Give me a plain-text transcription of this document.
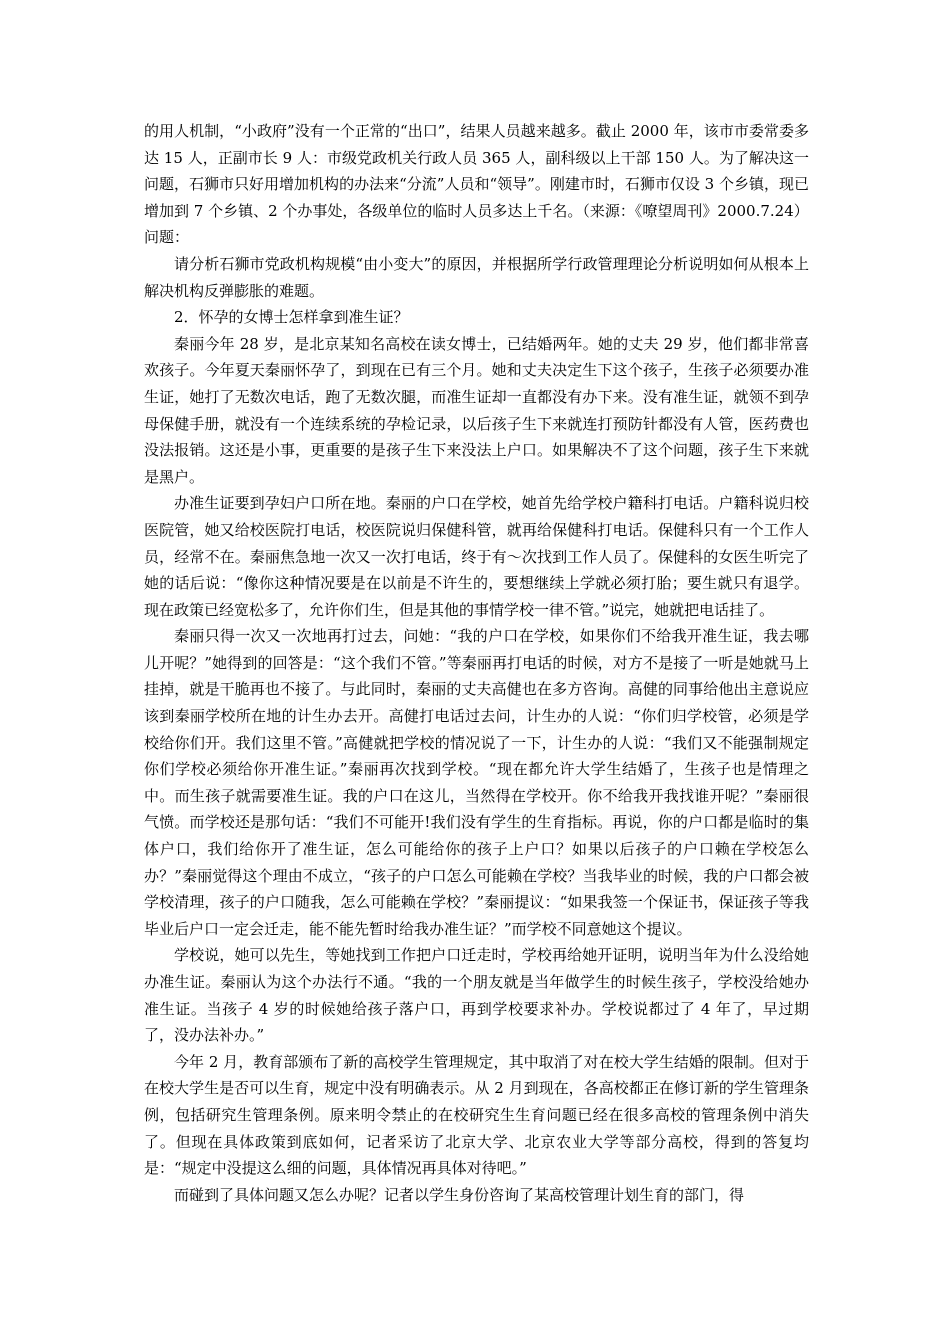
的用人机制，“小政府”没有一个正常的“出口”，结果人员越来越多。截止 2000 年，该市市委常委多达 15 人，正副市长 9 人：市级党政机关行政人员 365 人，副科级以上干部 150 人。为了解决这一问题，石狮市只好用增加机构的办法来“分流”人员和“领导”。刚建市时，石狮市仅设 3 个乡镇，现已增加到 7 个乡镇、2 个办事处，各级单位的临时人员多达上千名。（来源：《嘹望周刊》2000.7.24）

问题：

请分析石狮市党政机构规模“由小变大”的原因，并根据所学行政管理理论分析说明如何从根本上解决机构反弹膨胀的难题。

2．怀孕的女博士怎样拿到准生证？

秦丽今年 28 岁，是北京某知名高校在读女博士，已结婚两年。她的丈夫 29 岁，他们都非常喜欢孩子。今年夏天秦丽怀孕了，到现在已有三个月。她和丈夫决定生下这个孩子，生孩子必须要办准生证，她打了无数次电话，跑了无数次腿，而准生证却一直都没有办下来。没有准生证，就领不到孕母保健手册，就没有一个连续系统的孕检记录，以后孩子生下来就连打预防针都没有人管，医药费也没法报销。这还是小事，更重要的是孩子生下来没法上户口。如果解决不了这个问题，孩子生下来就是黑户。

办准生证要到孕妇户口所在地。秦丽的户口在学校，她首先给学校户籍科打电话。户籍科说归校医院管，她又给校医院打电话，校医院说归保健科管，就再给保健科打电话。保健科只有一个工作人员，经常不在。秦丽焦急地一次又一次打电话，终于有～次找到工作人员了。保健科的女医生听完了她的话后说：“像你这种情况要是在以前是不许生的，要想继续上学就必须打胎；要生就只有退学。现在政策已经宽松多了，允许你们生，但是其他的事情学校一律不管。”说完，她就把电话挂了。

秦丽只得一次又一次地再打过去，问她：“我的户口在学校，如果你们不给我开准生证，我去哪儿开呢？”她得到的回答是：“这个我们不管。”等秦丽再打电话的时候，对方不是接了一听是她就马上挂掉，就是干脆再也不接了。与此同时，秦丽的丈夫高健也在多方咨询。高健的同事给他出主意说应该到秦丽学校所在地的计生办去开。高健打电话过去问，计生办的人说：“你们归学校管，必须是学校给你们开。我们这里不管。”高健就把学校的情况说了一下，计生办的人说：“我们又不能强制规定你们学校必须给你开准生证。”秦丽再次找到学校。“现在都允许大学生结婚了，生孩子也是情理之中。而生孩子就需要准生证。我的户口在这儿，当然得在学校开。你不给我开我找谁开呢？”秦丽很气愤。而学校还是那句话：“我们不可能开!我们没有学生的生育指标。再说，你的户口都是临时的集体户口，我们给你开了准生证，怎么可能给你的孩子上户口？如果以后孩子的户口赖在学校怎么办？”秦丽觉得这个理由不成立，“孩子的户口怎么可能赖在学校？当我毕业的时候，我的户口都会被学校清理，孩子的户口随我，怎么可能赖在学校？”秦丽提议：“如果我签一个保证书，保证孩子等我毕业后户口一定会迁走，能不能先暂时给我办准生证？”而学校不同意她这个提议。

学校说，她可以先生，等她找到工作把户口迁走时，学校再给她开证明，说明当年为什么没给她办准生证。秦丽认为这个办法行不通。“我的一个朋友就是当年做学生的时候生孩子，学校没给她办准生证。当孩子 4 岁的时候她给孩子落户口，再到学校要求补办。学校说都过了 4 年了，早过期了，没办法补办。”

今年 2 月，教育部颁布了新的高校学生管理规定，其中取消了对在校大学生结婚的限制。但对于在校大学生是否可以生育，规定中没有明确表示。从 2 月到现在，各高校都正在修订新的学生管理条例，包括研究生管理条例。原来明令禁止的在校研究生生育问题已经在很多高校的管理条例中消失了。但现在具体政策到底如何，记者采访了北京大学、北京农业大学等部分高校，得到的答复均是：“规定中没提这么细的问题，具体情况再具体对待吧。”

而碰到了具体问题又怎么办呢？记者以学生身份咨询了某高校管理计划生育的部门，得
